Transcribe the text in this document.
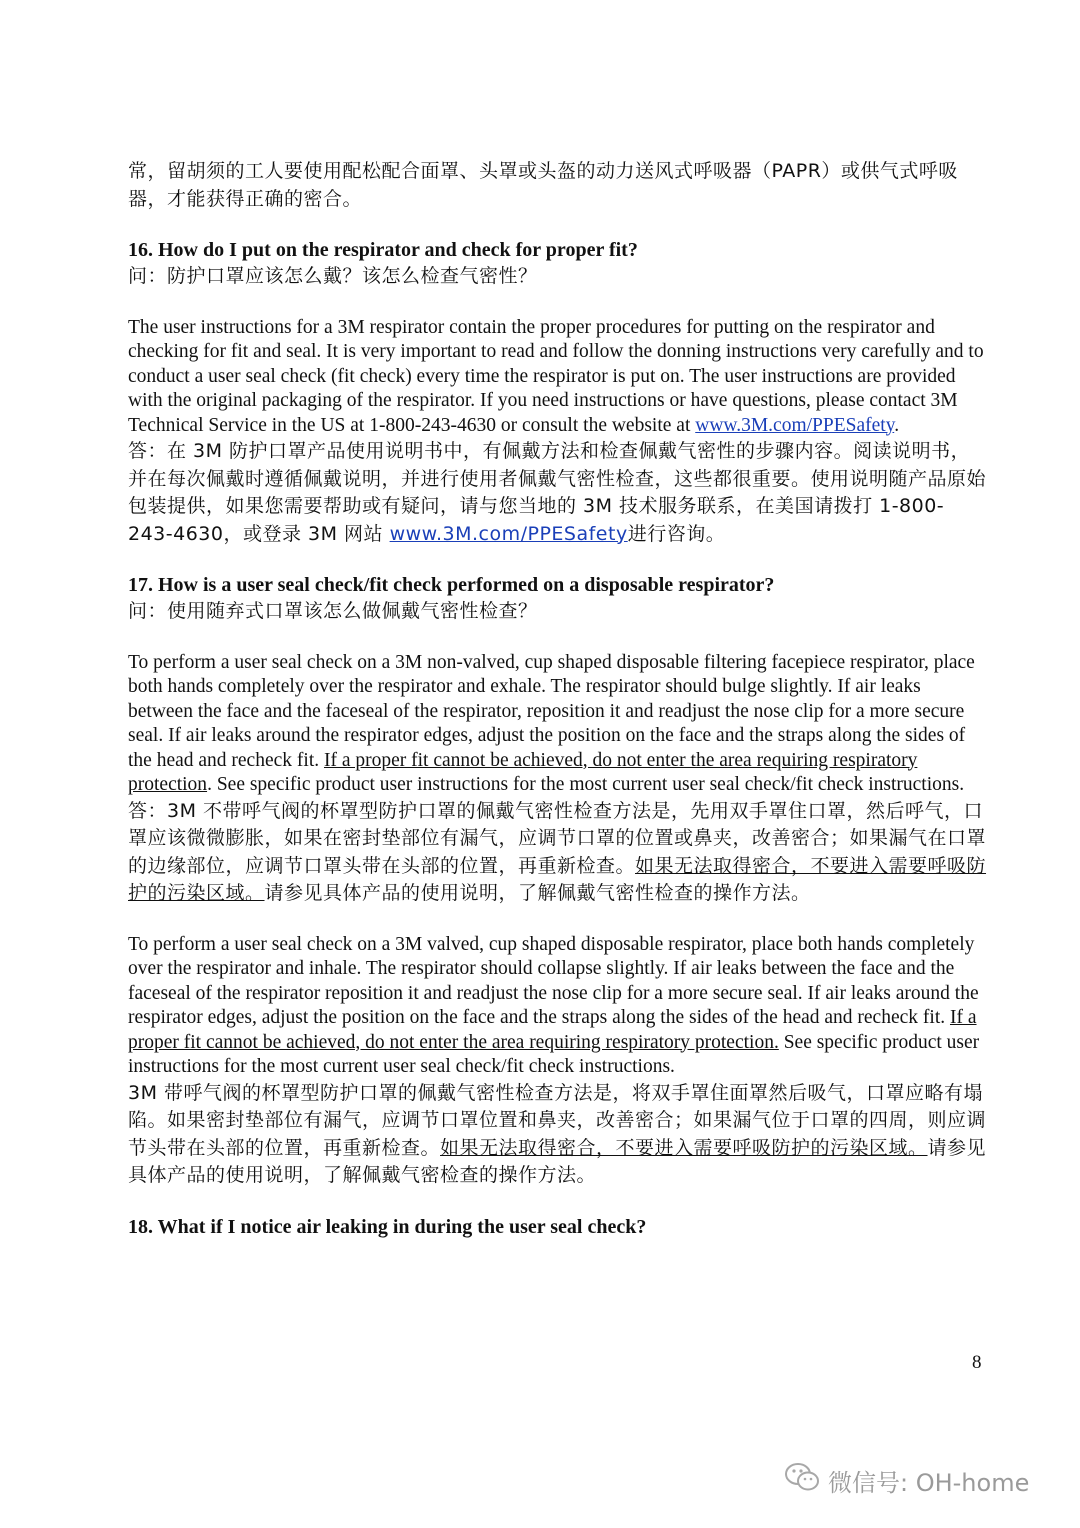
常，留胡须的工人要使用配松配合面罩、头罩或头盔的动力送风式呼吸器（PAPR）或供气式呼吸器，才能获得正确的密合。

16. How do I put on the respirator and check for proper fit?

问：防护口罩应该怎么戴？该怎么检查气密性？

The user instructions for a 3M respirator contain the proper procedures for putting on the respirator and checking for fit and seal. It is very important to read and follow the donning instructions very carefully and to conduct a user seal check (fit check) every time the respirator is put on. The user instructions are provided with the original packaging of the respirator. If you need instructions or have questions, please contact 3M Technical Service in the US at 1-800-243-4630 or consult the website at www.3M.com/PPESafety.

答：在 3M 防护口罩产品使用说明书中，有佩戴方法和检查佩戴气密性的步骤内容。阅读说明书，并在每次佩戴时遵循佩戴说明，并进行使用者佩戴气密性检查，这些都很重要。使用说明随产品原始包装提供，如果您需要帮助或有疑问，请与您当地的 3M 技术服务联系，在美国请拨打 1-800-243-4630，或登录 3M 网站 www.3M.com/PPESafety进行咨询。

17. How is a user seal check/fit check performed on a disposable respirator?

问：使用随弃式口罩该怎么做佩戴气密性检查？

To perform a user seal check on a 3M non-valved, cup shaped disposable filtering facepiece respirator, place both hands completely over the respirator and exhale. The respirator should bulge slightly. If air leaks between the face and the faceseal of the respirator, reposition it and readjust the nose clip for a more secure seal. If air leaks around the respirator edges, adjust the position on the face and the straps along the sides of the head and recheck fit. If a proper fit cannot be achieved, do not enter the area requiring respiratory protection. See specific product user instructions for the most current user seal check/fit check instructions.

答：3M 不带呼气阀的杯罩型防护口罩的佩戴气密性检查方法是，先用双手罩住口罩，然后呼气，口罩应该微微膨胀，如果在密封垫部位有漏气，应调节口罩的位置或鼻夹，改善密合；如果漏气在口罩的边缘部位，应调节口罩头带在头部的位置，再重新检查。如果无法取得密合，不要进入需要呼吸防护的污染区域。请参见具体产品的使用说明，了解佩戴气密性检查的操作方法。

To perform a user seal check on a 3M valved, cup shaped disposable respirator, place both hands completely over the respirator and inhale. The respirator should collapse slightly. If air leaks between the face and the faceseal of the respirator reposition it and readjust the nose clip for a more secure seal. If air leaks around the respirator edges, adjust the position on the face and the straps along the sides of the head and recheck fit. If a proper fit cannot be achieved, do not enter the area requiring respiratory protection. See specific product user instructions for the most current user seal check/fit check instructions.

3M 带呼气阀的杯罩型防护口罩的佩戴气密性检查方法是，将双手罩住面罩然后吸气，口罩应略有塌陷。如果密封垫部位有漏气，应调节口罩位置和鼻夹，改善密合；如果漏气位于口罩的四周，则应调节头带在头部的位置，再重新检查。如果无法取得密合，不要进入需要呼吸防护的污染区域。请参见具体产品的使用说明，了解佩戴气密检查的操作方法。

18. What if I notice air leaking in during the user seal check?

8
微信号: OH-home
